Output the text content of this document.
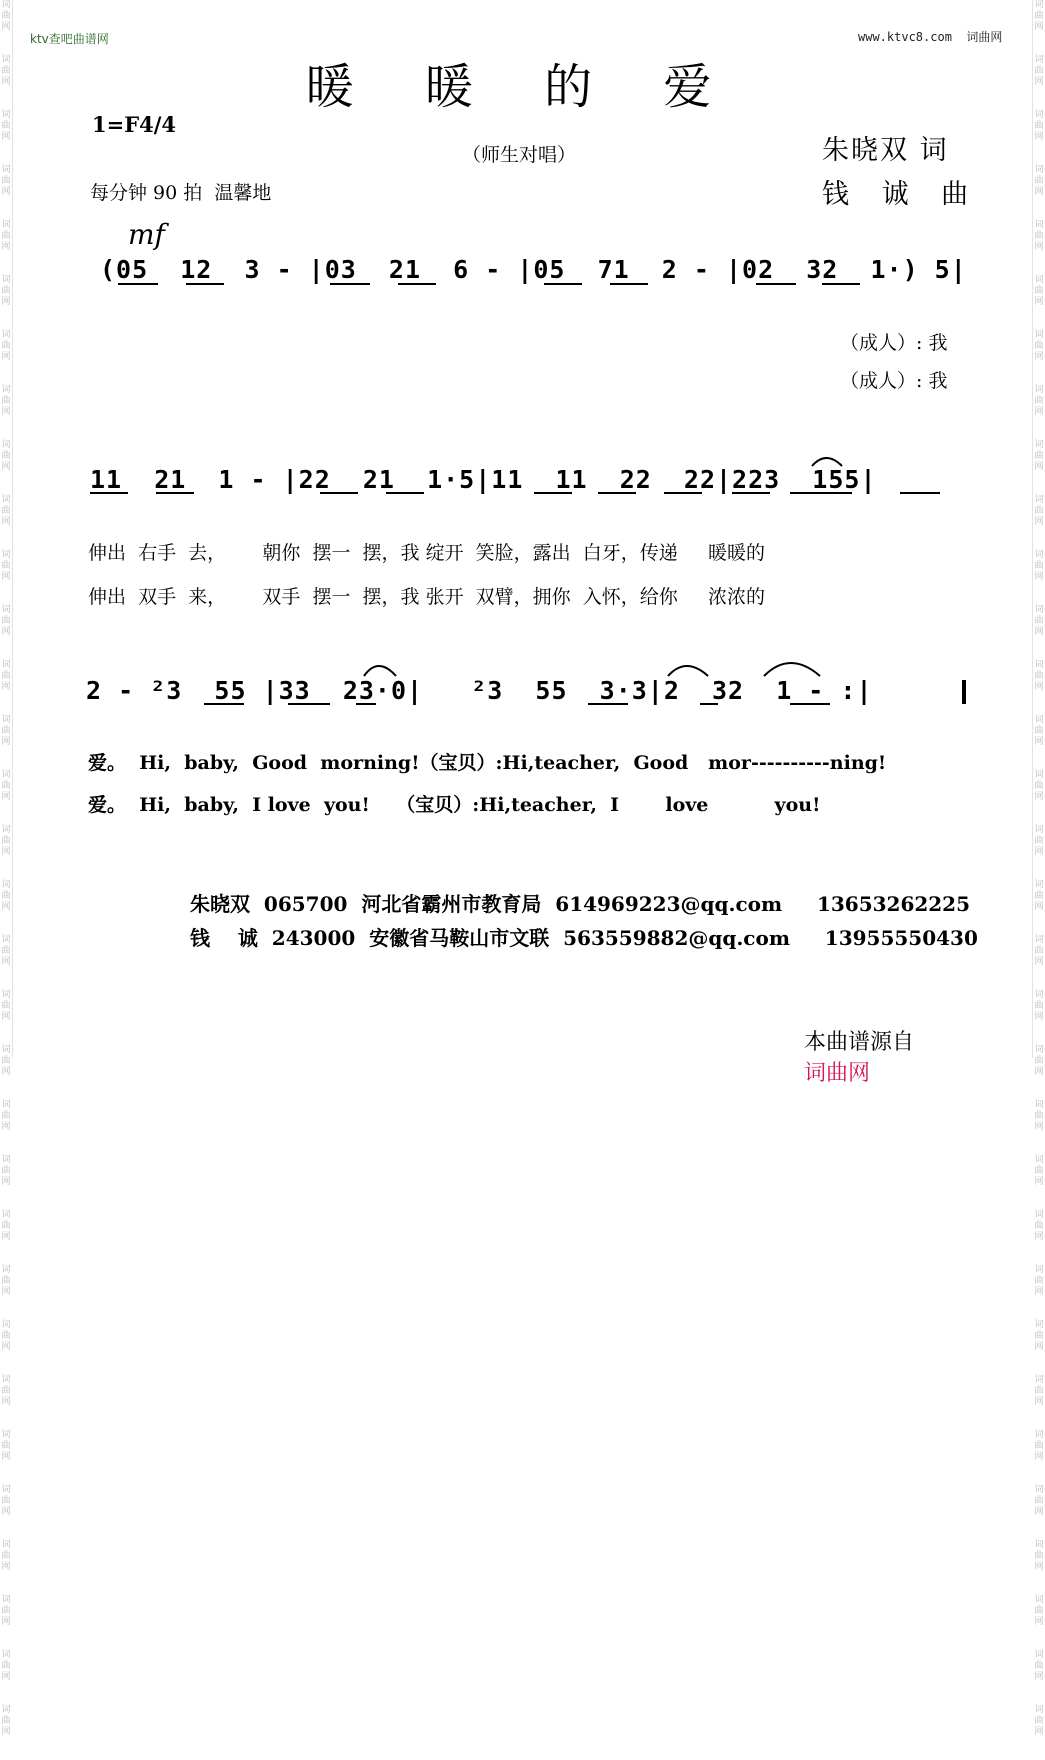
词
曲
网
词
曲
网
词
曲
网
词
曲
网
词
曲
网
词
曲
网
词
曲
网
词
曲
网
词
曲
网
词
曲
网
词
曲
网
词
曲
网
词
曲
网
词
曲
网
词
曲
网
词
曲
网
词
曲
网
词
曲
网
词
曲
网
词
曲
网
词
曲
网
词
曲
网
词
曲
网
词
曲
网
词
曲
网
词
曲
网
词
曲
网
词
曲
网
词
曲
网
词
曲
网
词
曲
网
词
曲
网
词
曲
网
词
曲
网
词
曲
网
词
曲
网
词
曲
网
词
曲
网
词
曲
网
词
曲
网
词
曲
网
词
曲
网
词
曲
网
词
曲
网
词
曲
网
词
曲
网
词
曲
网
词
曲
网
词
曲
网
词
曲
网
词
曲
网
词
曲
网
词
曲
网
词
曲
网
词
曲
网
词
曲
网
词
曲
网
词
曲
网
词
曲
网
词
曲
网
词
曲
网
词
曲
网
词
曲
网
词
曲
网
ktv查吧曲谱网	www.ktvc8.com  词曲网
暖 暖 的 爱
1=F4/4
（师生对唱）
每分钟 90 拍  温馨地
朱晓双 词
钱 诚 曲
mf
(05  12  3 - |03  21  6 - |05  71  2 - |02  32  1·) 5|
（成人）: 我
（成人）: 我
11  21  1 - |22  21  1·5|11  11  22  22|223  155|
伸出  右手  去，      朝你  摆一  摆，我 绽开  笑脸，露出  白牙，传递     暖暖的
伸出  双手  来，      双手  摆一  摆，我 张开  双臂，拥你  入怀，给你     浓浓的
2 - ²3  55 |33  23·0|   ²3  55  3·3|2  32  1 - :|
爱。  Hi,  baby,  Good  morning!（宝贝）:Hi,teacher,  Good   mor----------ning!
爱。  Hi,  baby,  I love  you!    （宝贝）:Hi,teacher,  I       love          you!
朱晓双  065700  河北省霸州市教育局  614969223@qq.com     13653262225
钱    诚  243000  安徽省马鞍山市文联  563559882@qq.com     13955550430

本曲谱源自
词曲网
